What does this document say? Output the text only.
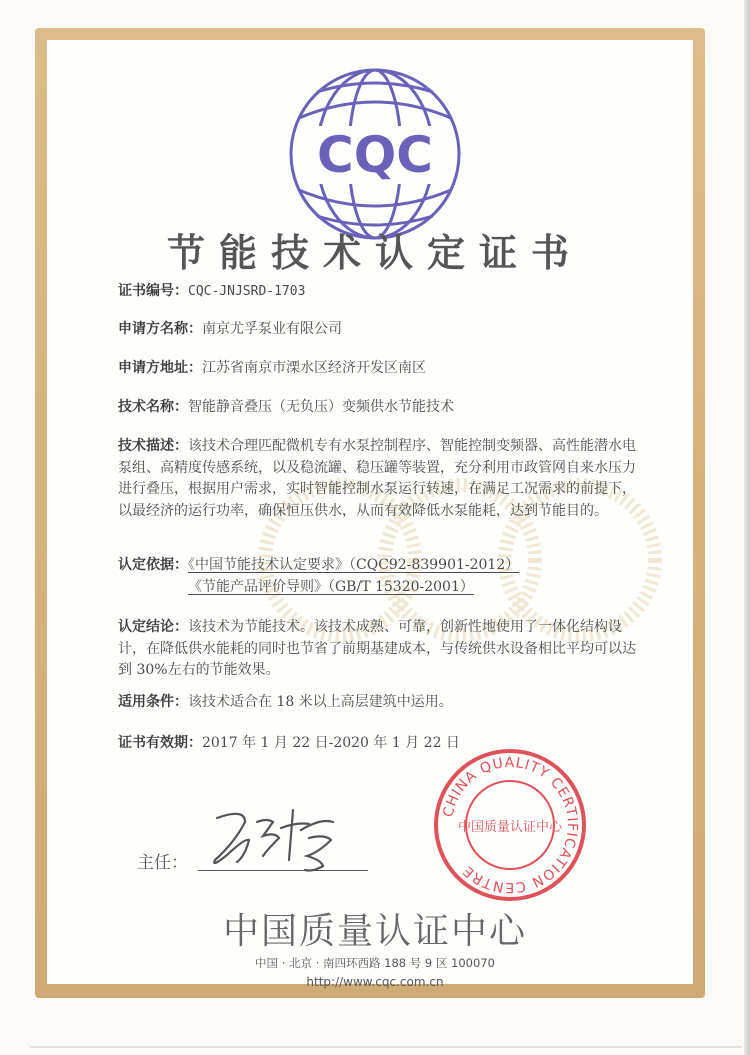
CQC
节能技术认定证书
证书编号：CQC-JNJSRD-1703
申请方名称：南京尤孚泵业有限公司
申请方地址：江苏省南京市溧水区经济开发区南区
技术名称：智能静音叠压（无负压）变频供水节能技术
技术描述：该技术合理匹配微机专有水泵控制程序、智能控制变频器、高性能潜水电泵组、高精度传感系统，以及稳流罐、稳压罐等装置，充分利用市政管网自来水压力进行叠压，根据用户需求，实时智能控制水泵运行转速，在满足工况需求的前提下，以最经济的运行功率，确保恒压供水，从而有效降低水泵能耗，达到节能目的。
认定依据：《中国节能技术认定要求》（CQC92-839901-2012）
《节能产品评价导则》（GB/T 15320-2001）
认定结论：该技术为节能技术。该技术成熟、可靠，创新性地使用了一体化结构设计，在降低供水能耗的同时也节省了前期基建成本，与传统供水设备相比平均可以达到 30%左右的节能效果。
适用条件：该技术适合在 18 米以上高层建筑中运用。
证书有效期：2017 年 1 月 22 日-2020 年 1 月 22 日
CHINA QUALITY CERTIFICATION CENTRE
中国质量认证中心
主任：
中国质量认证中心
中国 · 北京 · 南四环西路 188 号 9 区 100070
http://www.cqc.com.cn
